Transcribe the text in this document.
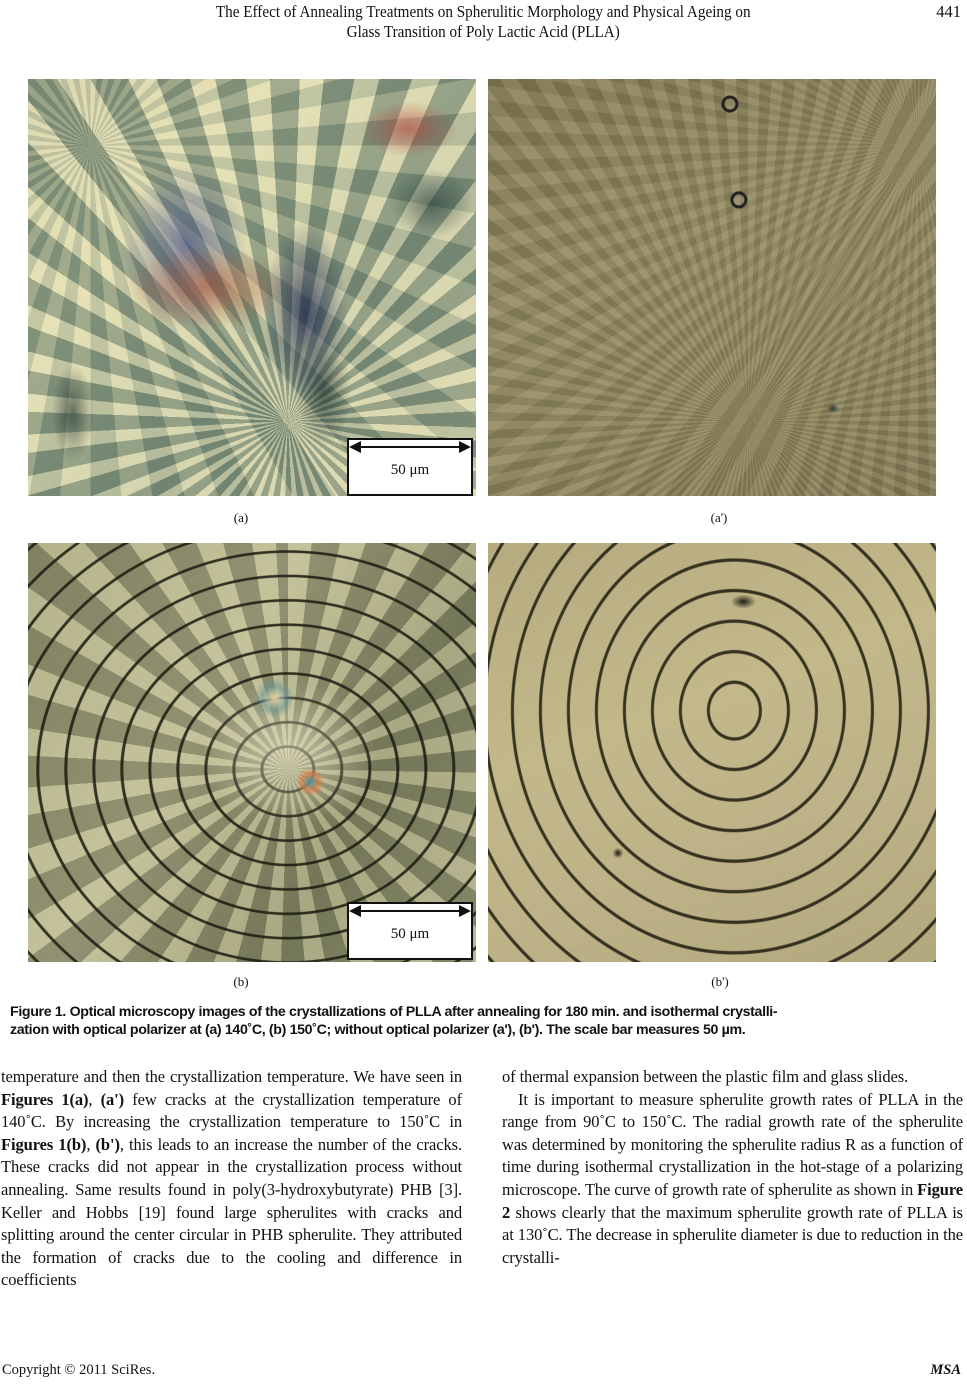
The Effect of Annealing Treatments on Spherulitic Morphology and Physical Ageing on
Glass Transition of Poly Lactic Acid (PLLA)
441
50 μm
(a)	(a')
50 μm
(b)	(b')
Figure 1. Optical microscopy images of the crystallizations of PLLA after annealing for 180 min. and isothermal crystalli-
zation with optical polarizer at (a) 140˚C, (b) 150˚C; without optical polarizer (a'), (b'). The scale bar measures 50 µm.

temperature and then the crystallization temperature. We have seen in Figures 1(a), (a') few cracks at the crystallization temperature of 140˚C. By increasing the crystallization temperature to 150˚C in Figures 1(b), (b'), this leads to an increase the number of the cracks. These cracks did not appear in the crystallization process without annealing. Same results found in poly(3-hydroxybutyrate) PHB [3]. Keller and Hobbs [19] found large spherulites with cracks and splitting around the center circular in PHB spherulite. They attributed the formation of cracks due to the cooling and difference in coefficients

of thermal expansion between the plastic film and glass slides.

It is important to measure spherulite growth rates of PLLA in the range from 90˚C to 150˚C. The radial growth rate of the spherulite was determined by monitoring the spherulite radius R as a function of time during isothermal crystallization in the hot-stage of a polarizing microscope. The curve of growth rate of spherulite as shown in Figure 2 shows clearly that the maximum spherulite growth rate of PLLA is at 130˚C. The decrease in spherulite diameter is due to reduction in the crystalli-

Copyright © 2011 SciRes.	MSA
